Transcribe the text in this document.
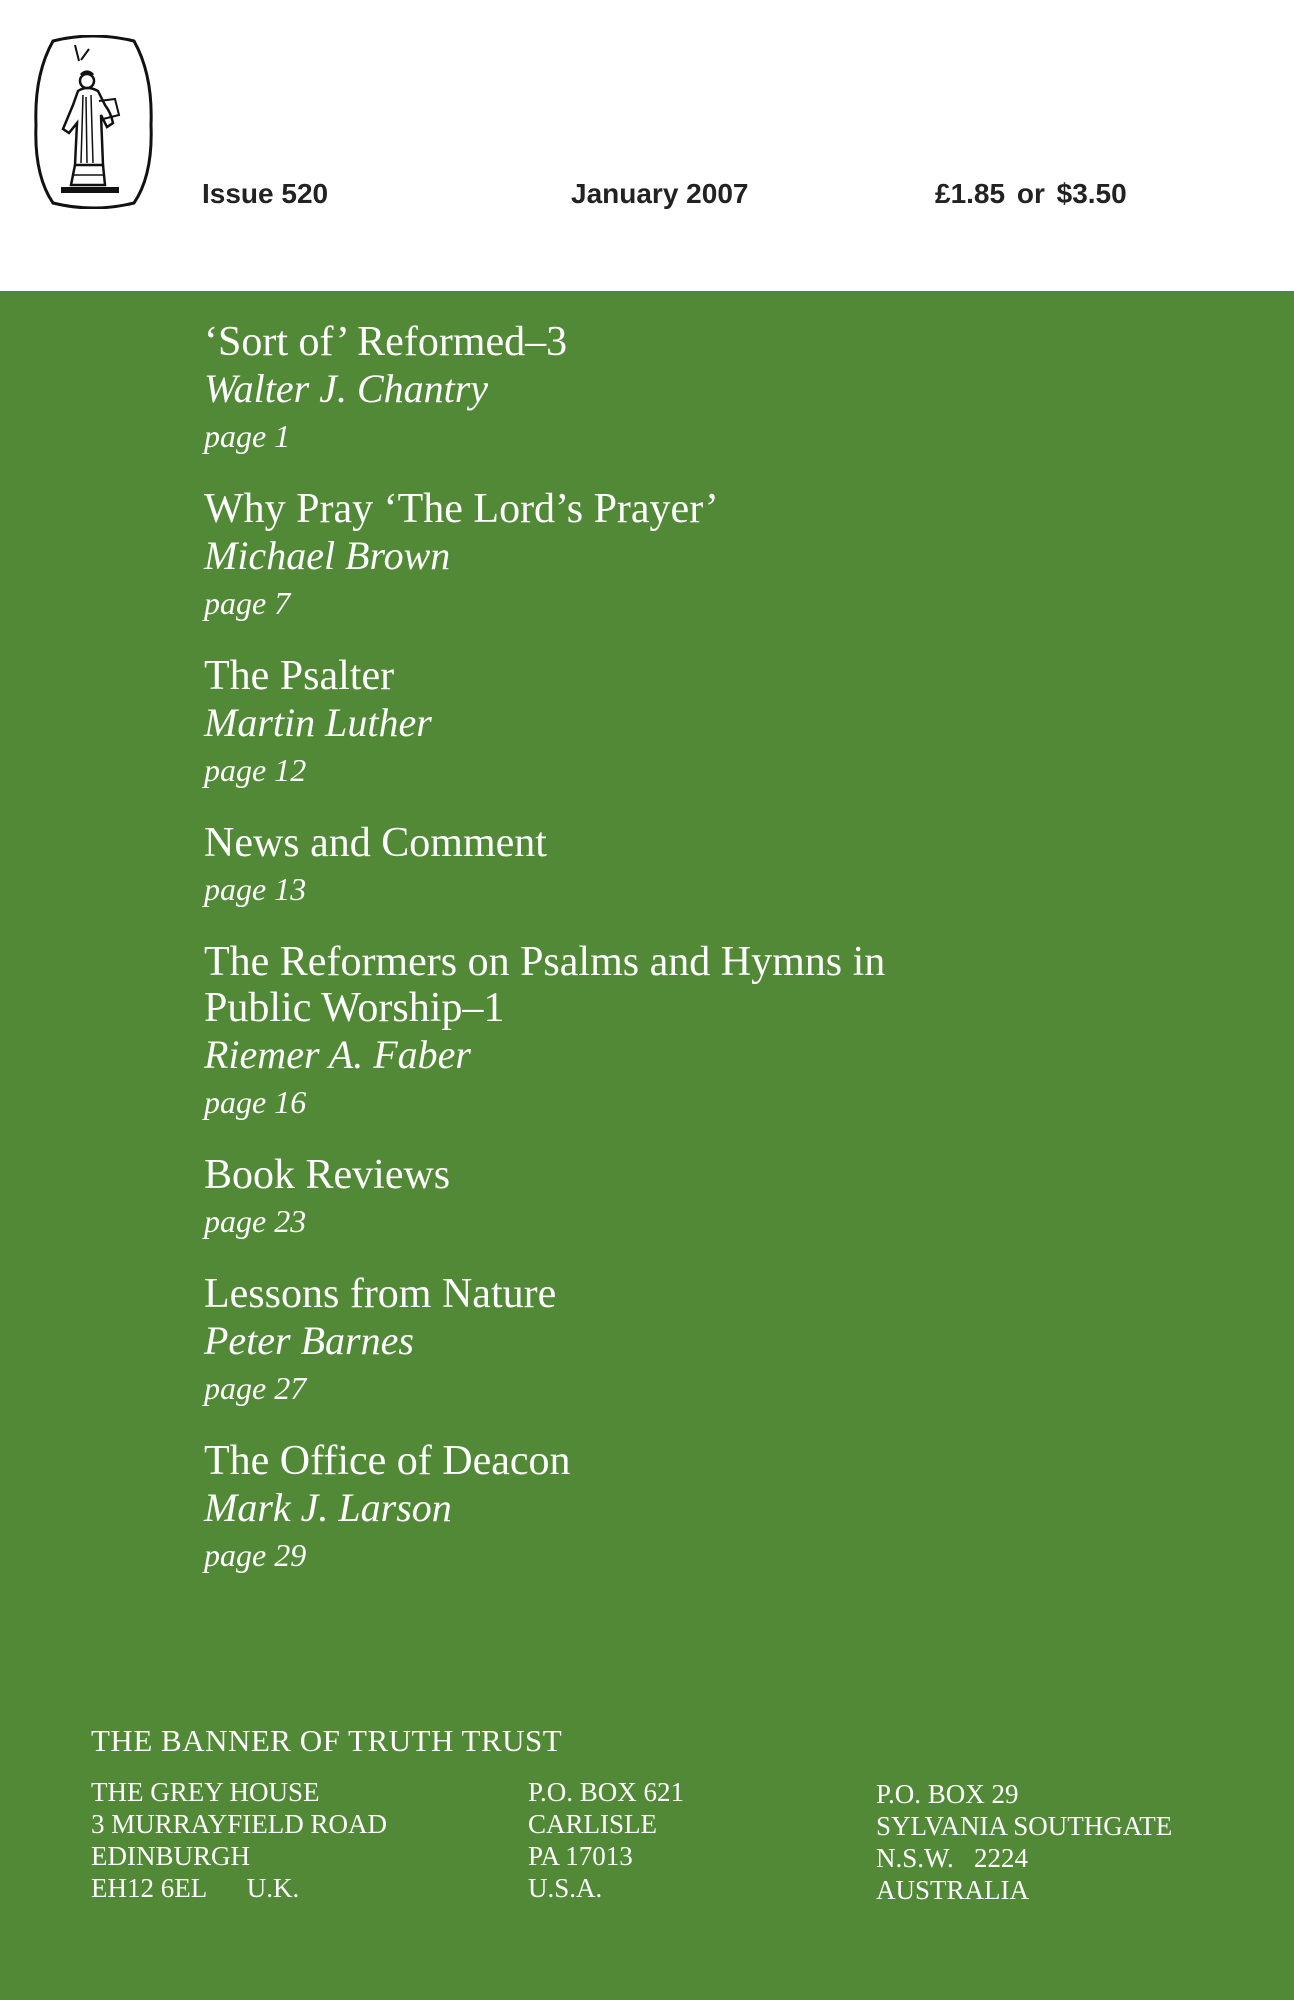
Issue 520	January 2007	£1.85 or $3.50
‘Sort of’ Reformed–3
Walter J. Chantry
page 1
Why Pray ‘The Lord’s Prayer’
Michael Brown
page 7
The Psalter
Martin Luther
page 12
News and Comment
page 13
The Reformers on Psalms and Hymns in Public Worship–1
Riemer A. Faber
page 16
Book Reviews
page 23
Lessons from Nature
Peter Barnes
page 27
The Office of Deacon
Mark J. Larson
page 29
THE BANNER OF TRUTH TRUST
THE GREY HOUSE
3 MURRAYFIELD ROAD
EDINBURGH
EH12 6EL      U.K.
P.O. BOX 621
CARLISLE
PA 17013
U.S.A.
P.O. BOX 29
SYLVANIA SOUTHGATE
N.S.W.   2224
AUSTRALIA
